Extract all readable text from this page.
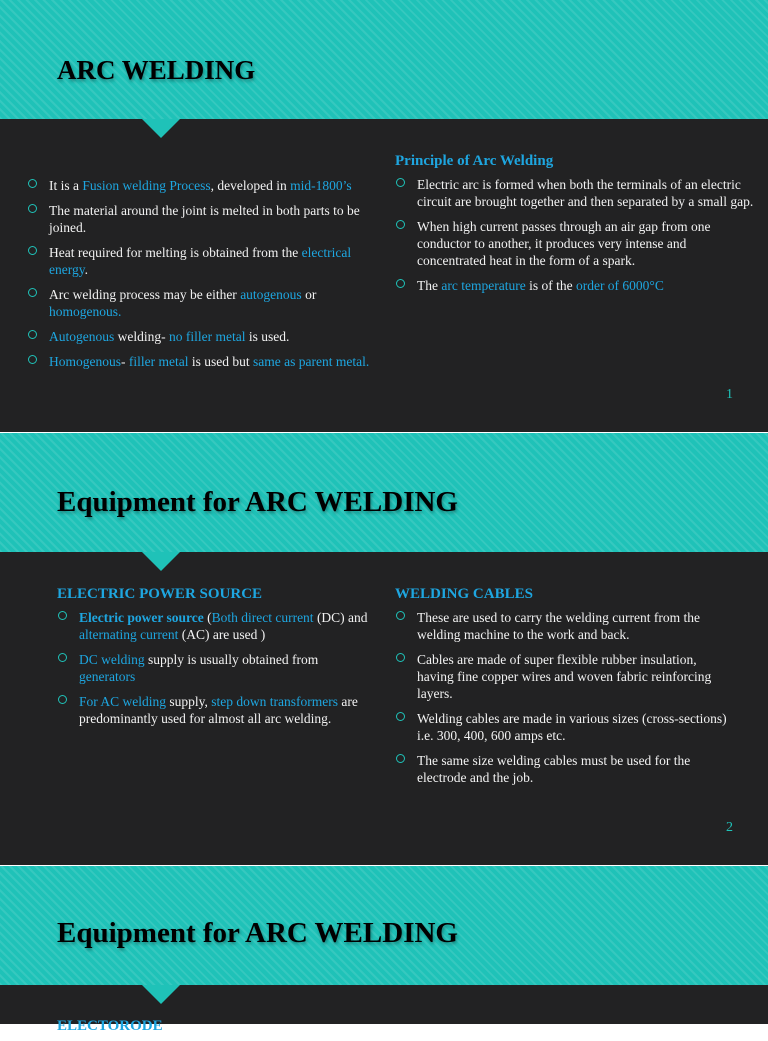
ARC WELDING
It is a Fusion welding Process, developed in mid-1800’s
The material around the joint is melted in both parts to be joined.
Heat required for melting is obtained from the electrical energy.
Arc welding process may be either autogenous or homogenous.
Autogenous welding- no filler metal is used.
Homogenous- filler metal is used but same as parent metal.
Principle of Arc Welding
Electric arc is formed when both the terminals of an electric circuit are brought together and then separated by a small gap.
When high current passes through an air gap from one conductor to another, it produces very intense and concentrated heat in the form of a spark.
The arc temperature is of the order of 6000°C
1
Equipment for ARC WELDING
ELECTRIC POWER SOURCE
Electric power source (Both direct current (DC) and alternating current (AC) are used )
DC welding supply is usually obtained from generators
For AC welding supply, step down transformers are predominantly used for almost all arc welding.
WELDING CABLES
These are used to carry the welding current from the welding machine to the work and back.
Cables are made of super flexible rubber insulation, having fine copper wires and woven fabric reinforcing layers.
Welding cables are made in various sizes (cross-sections) i.e. 300, 400, 600 amps etc.
The same size welding cables must be used for the electrode and the job.
2
Equipment for ARC WELDING
ELECTORODE
